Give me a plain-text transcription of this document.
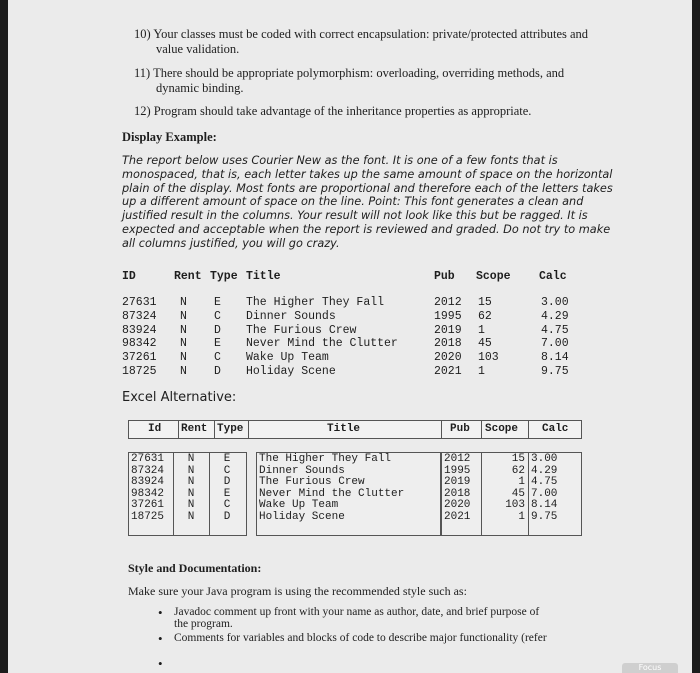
10) Your classes must be coded with correct encapsulation: private/protected attributes and value validation.
11) There should be appropriate polymorphism: overloading, overriding methods, and dynamic binding.
12) Program should take advantage of the inheritance properties as appropriate.
Display Example:
The report below uses Courier New as the font. It is one of a few fonts that is monospaced, that is, each letter takes up the same amount of space on the horizontal plain of the display. Most fonts are proportional and therefore each of the letters takes up a different amount of space on the line. Point: This font generates a clean and justified result in the columns. Your result will not look like this but be ragged. It is expected and acceptable when the report is reviewed and graded. Do not try to make all columns justified, you will go crazy.
ID	Rent Type Title	Pub Scope Calc
27631 N E The Higher They Fall	2012 15	3.00
87324 N C Dinner Sounds	1995 62	4.29
83924 N D The Furious Crew	2019 1	4.75
98342 N E Never Mind the Clutter	2018 45	7.00
37261 N C Wake Up Team	2020 103	8.14
18725 N D Holiday Scene	2021 1	9.75
Excel Alternative:
Id Rent Type	Title	Pub Scope Calc
27631	N	E	The Higher They Fall	2012	15 3.00
87324	N	C	Dinner Sounds	1995	62 4.29
83924	N	D	The Furious Crew	2019	1 4.75
98342	N	E	Never Mind the Clutter	2018	45 7.00
37261	N	C	Wake Up Team	2020	103 8.14
18725	N	D	Holiday Scene	2021	1 9.75
Style and Documentation:
Make sure your Java program is using the recommended style such as:
• Javadoc comment up front with your name as author, date, and brief purpose of the program.
• Comments for variables and blocks of code to describe major functionality (refer
•	Focus
